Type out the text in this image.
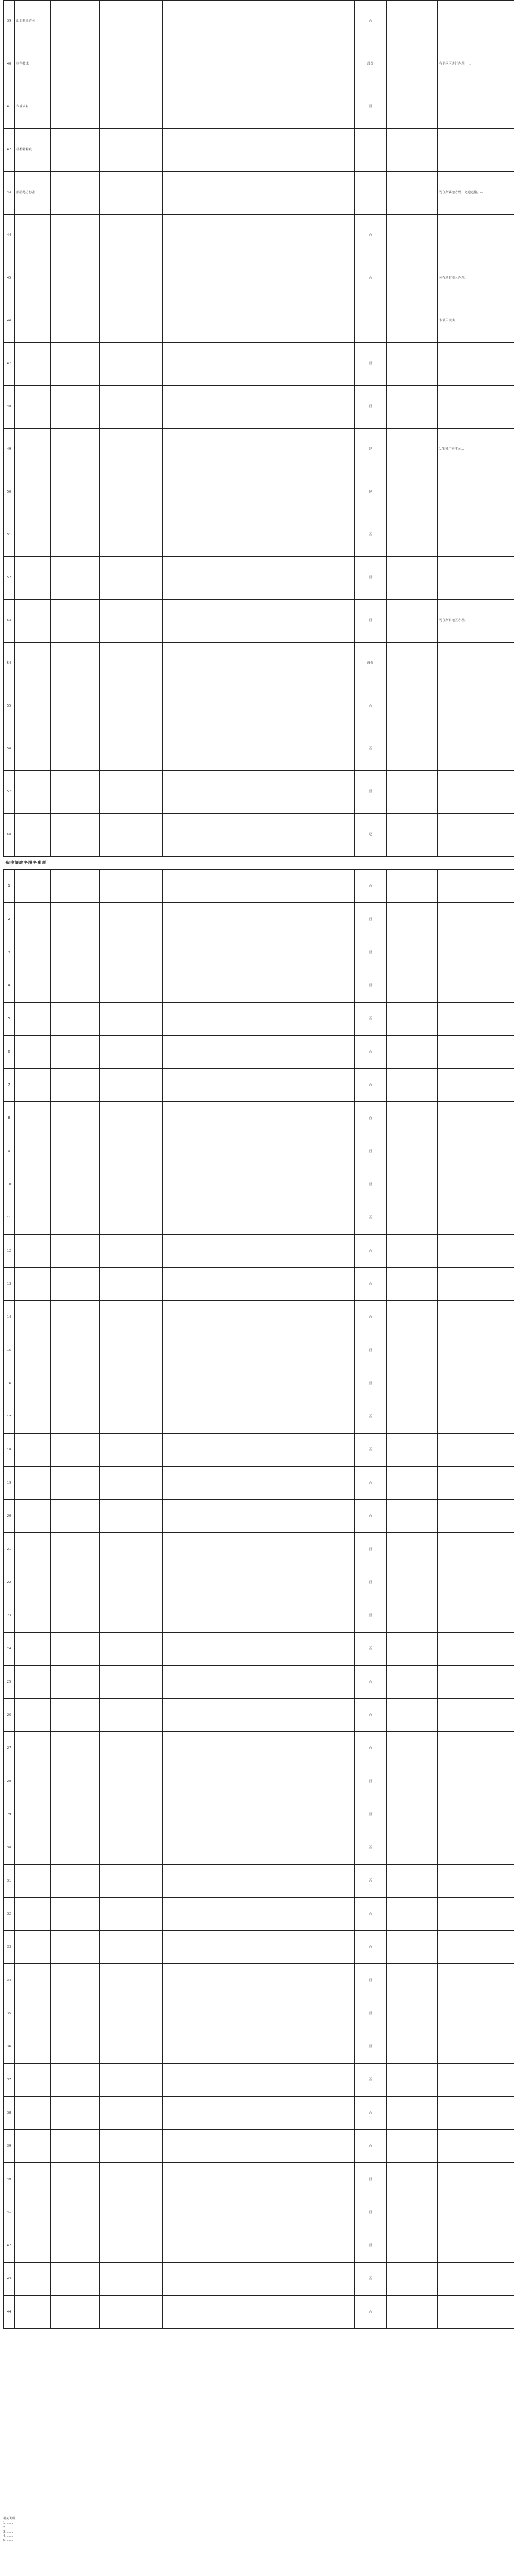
39	出口检验许可							否		
40	科学技术							部分		在全区可进行办理：…
41	农业农村							否		
42	动植物检疫									
43	旅游地方标准									可在所属地办理，交通运输、…
44								否		
45								否		可在所有地区办理。
46										本项目交由…
47								否		
48								否		
49								是		1.审核广大市民…
50								是		
51								否		
52								否		
53								否		可在所有地区办理。
54								部分		
55								否		
56								否		
57								否		
58								是		
依申请政务服务事项										
1								否		
2								否		
3								否		
4								否		
5								否		
6								否		
7								否		
8								否		
9								否		
10								否		
11								否		
12								否		
13								否		
14								否		
15								否		
16								否		
17								否		
18								否		
19								否		
20								否		
21								否		
22								否		
23								否		
24								否		
25								否		
26								否		
27								否		
28								否		
29								否		
30								否		
31								否		
32								否		
33								否		
34								否		
35								否		
36								否		
37								否		
38								否		
39								否		
40								否		
41								否		
42								否		
43								否		
44								否		

相关说明：

1. ……

2. ……

3. ……

4. ……

5. ……
